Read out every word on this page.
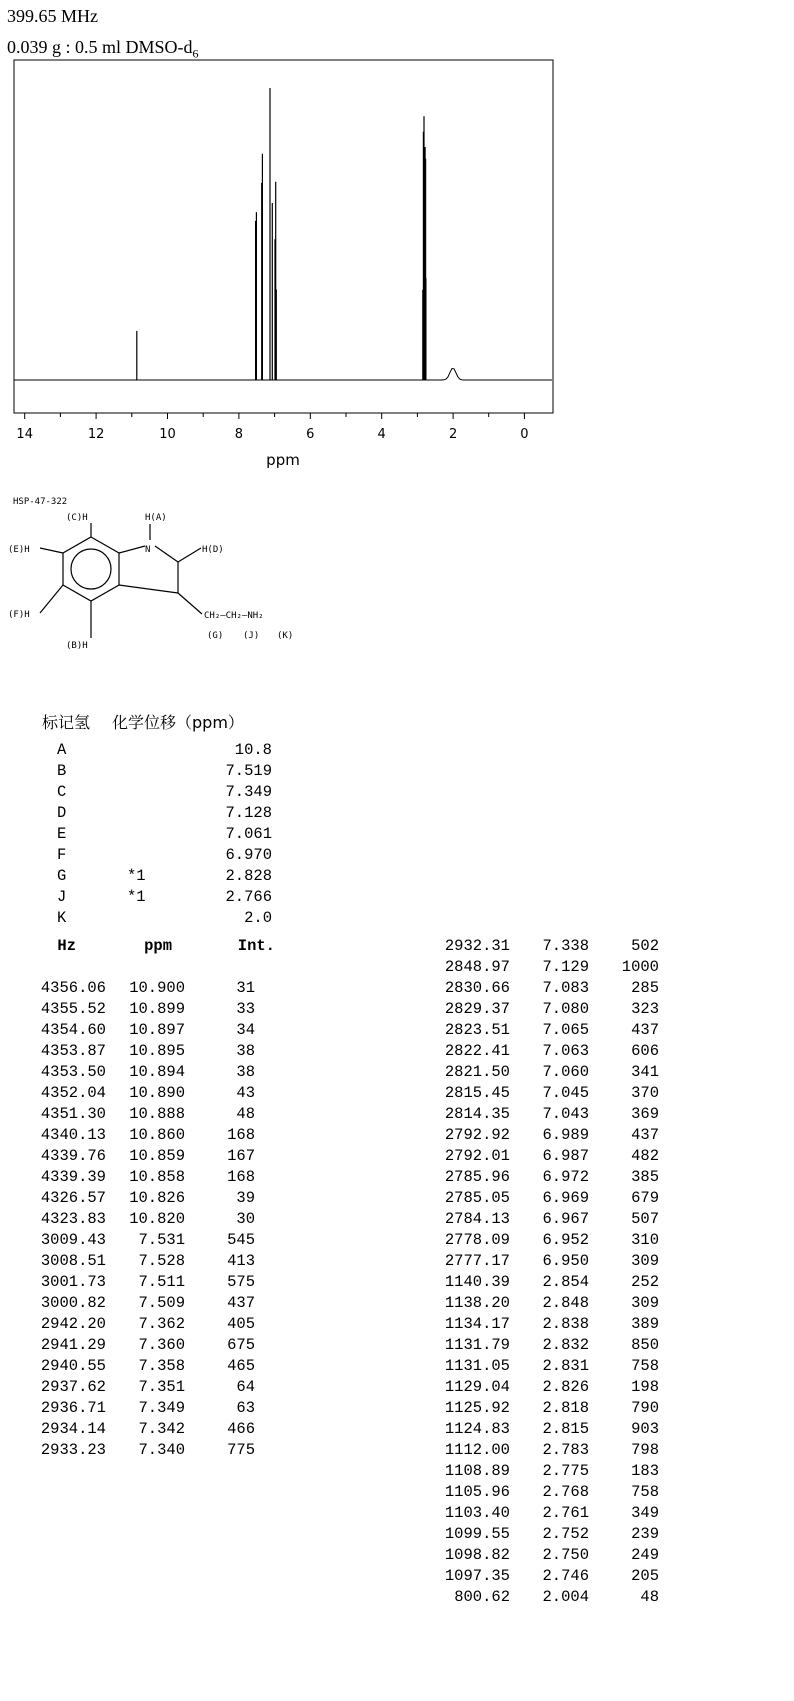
399.65 MHz
0.039 g : 0.5 ml DMSO-$d_6$
14	12	10	8	6	4	2	0
ppm
HSP-47-322
(C)H	H(A)
(E)H	N	H(D)
(F)H
(B)H
CH₂—CH₂—NH₂
(G) (J) (K)
标记氢 化学位移（ppm）
A	10.8
B	7.519
C	7.349
D	7.128
E	7.061
F	6.970
G	*1	2.828
J	*1	2.766
K	2.0
Hz	ppm	Int.
4356.06	10.900	31
4355.52	10.899	33
4354.60	10.897	34
4353.87	10.895	38
4353.50	10.894	38
4352.04	10.890	43
4351.30	10.888	48
4340.13	10.860	168
4339.76	10.859	167
4339.39	10.858	168
4326.57	10.826	39
4323.83	10.820	30
3009.43	7.531	545
3008.51	7.528	413
3001.73	7.511	575
3000.82	7.509	437
2942.20	7.362	405
2941.29	7.360	675
2940.55	7.358	465
2937.62	7.351	64
2936.71	7.349	63
2934.14	7.342	466
2933.23	7.340	775
2932.31	7.338	502
2848.97	7.129	1000
2830.66	7.083	285
2829.37	7.080	323
2823.51	7.065	437
2822.41	7.063	606
2821.50	7.060	341
2815.45	7.045	370
2814.35	7.043	369
2792.92	6.989	437
2792.01	6.987	482
2785.96	6.972	385
2785.05	6.969	679
2784.13	6.967	507
2778.09	6.952	310
2777.17	6.950	309
1140.39	2.854	252
1138.20	2.848	309
1134.17	2.838	389
1131.79	2.832	850
1131.05	2.831	758
1129.04	2.826	198
1125.92	2.818	790
1124.83	2.815	903
1112.00	2.783	798
1108.89	2.775	183
1105.96	2.768	758
1103.40	2.761	349
1099.55	2.752	239
1098.82	2.750	249
1097.35	2.746	205
800.62	2.004	48
